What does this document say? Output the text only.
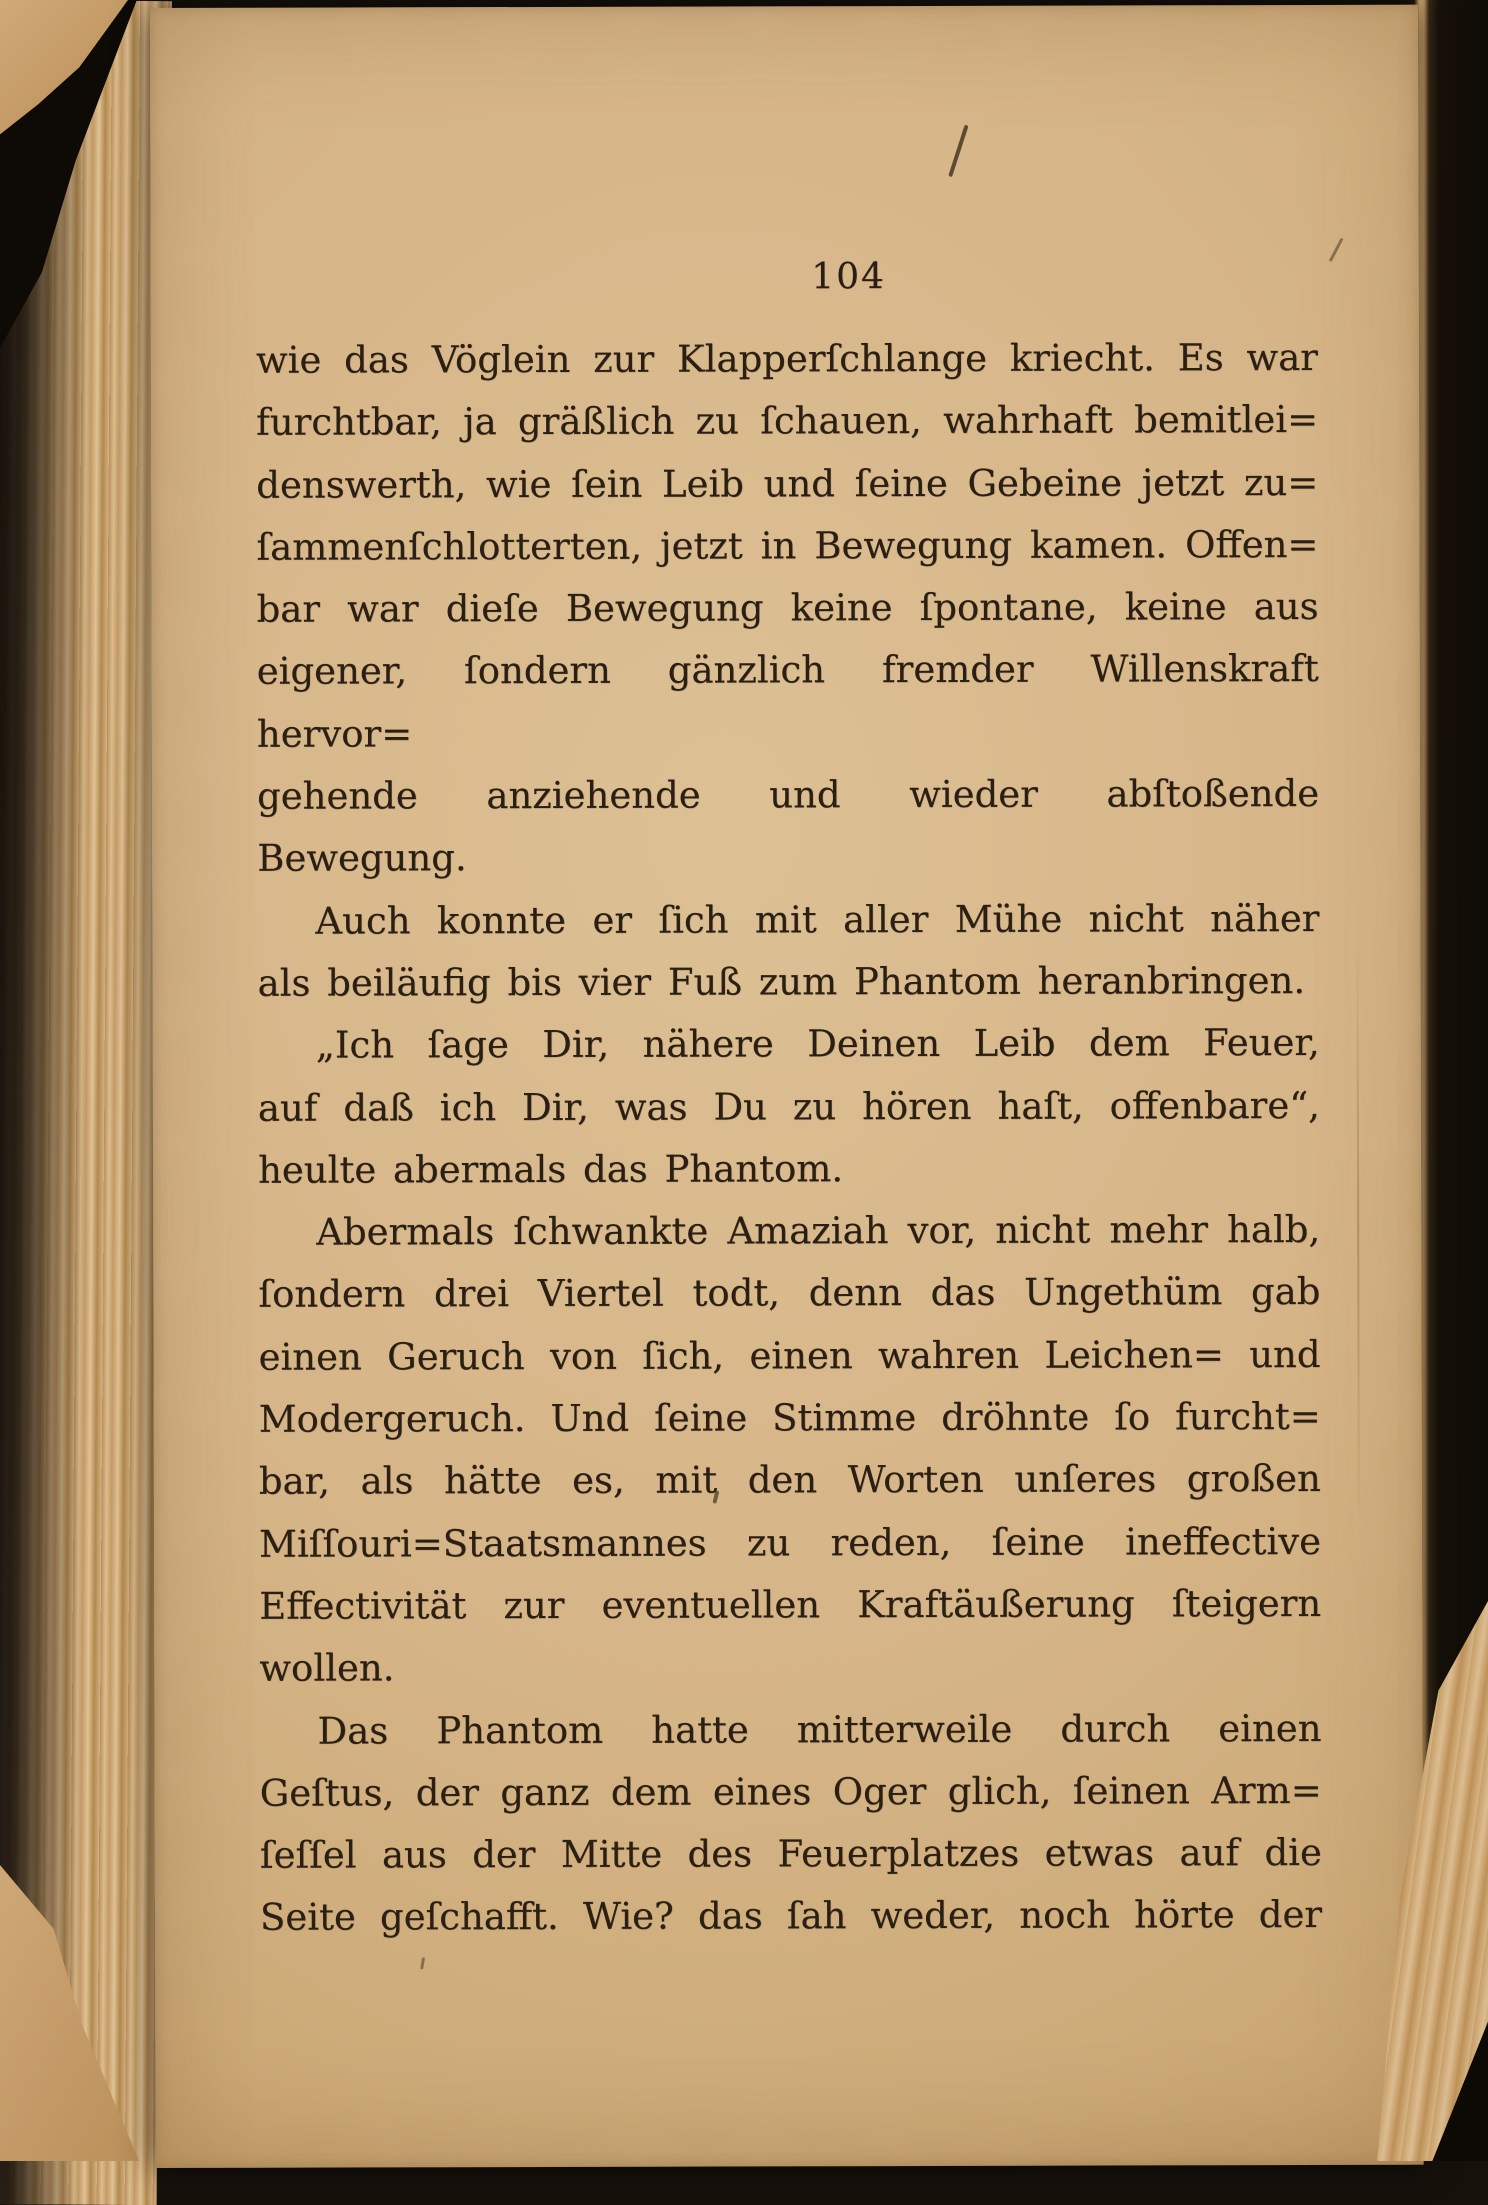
104
wie das Vöglein zur Klapperſchlange kriecht. Es war
furchtbar, ja gräßlich zu ſchauen, wahrhaft bemitlei=
denswerth, wie ſein Leib und ſeine Gebeine jetzt zu=
ſammenſchlotterten, jetzt in Bewegung kamen. Offen=
bar war dieſe Bewegung keine ſpontane, keine aus
eigener, ſondern gänzlich fremder Willenskraft hervor=
gehende anziehende und wieder abſtoßende Bewegung.
Auch konnte er ſich mit aller Mühe nicht näher
als beiläufig bis vier Fuß zum Phantom heranbringen.
„Ich ſage Dir, nähere Deinen Leib dem Feuer,
auf daß ich Dir, was Du zu hören haſt, offenbare“,
heulte abermals das Phantom.
Abermals ſchwankte Amaziah vor, nicht mehr halb,
ſondern drei Viertel todt, denn das Ungethüm gab
einen Geruch von ſich, einen wahren Leichen= und
Modergeruch. Und ſeine Stimme dröhnte ſo furcht=
bar, als hätte es, mit den Worten unſeres großen
Miſſouri=Staatsmannes zu reden, ſeine ineffective
Effectivität zur eventuellen Kraftäußerung ſteigern
wollen.
Das Phantom hatte mitterweile durch einen
Geſtus, der ganz dem eines Oger glich, ſeinen Arm=
ſeſſel aus der Mitte des Feuerplatzes etwas auf die
Seite geſchafft. Wie? das ſah weder, noch hörte der
